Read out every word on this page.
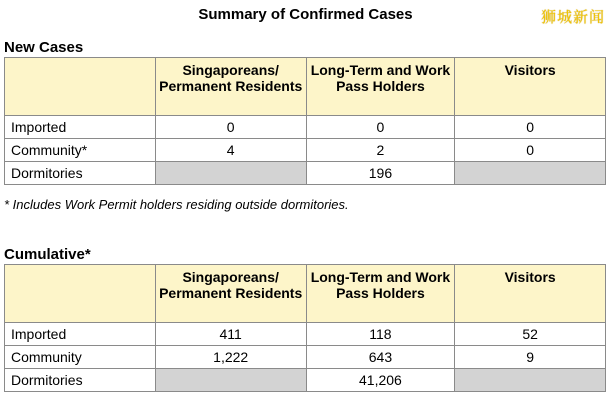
Summary of Confirmed Cases	狮城新闻
New Cases
	Singaporeans/ Permanent Residents	Long-Term and Work Pass Holders	Visitors
Imported	0	0	0
Community*	4	2	0
Dormitories		196	
* Includes Work Permit holders residing outside dormitories.
Cumulative*
	Singaporeans/ Permanent Residents	Long-Term and Work Pass Holders	Visitors
Imported	411	118	52
Community	1,222	643	9
Dormitories		41,206	
